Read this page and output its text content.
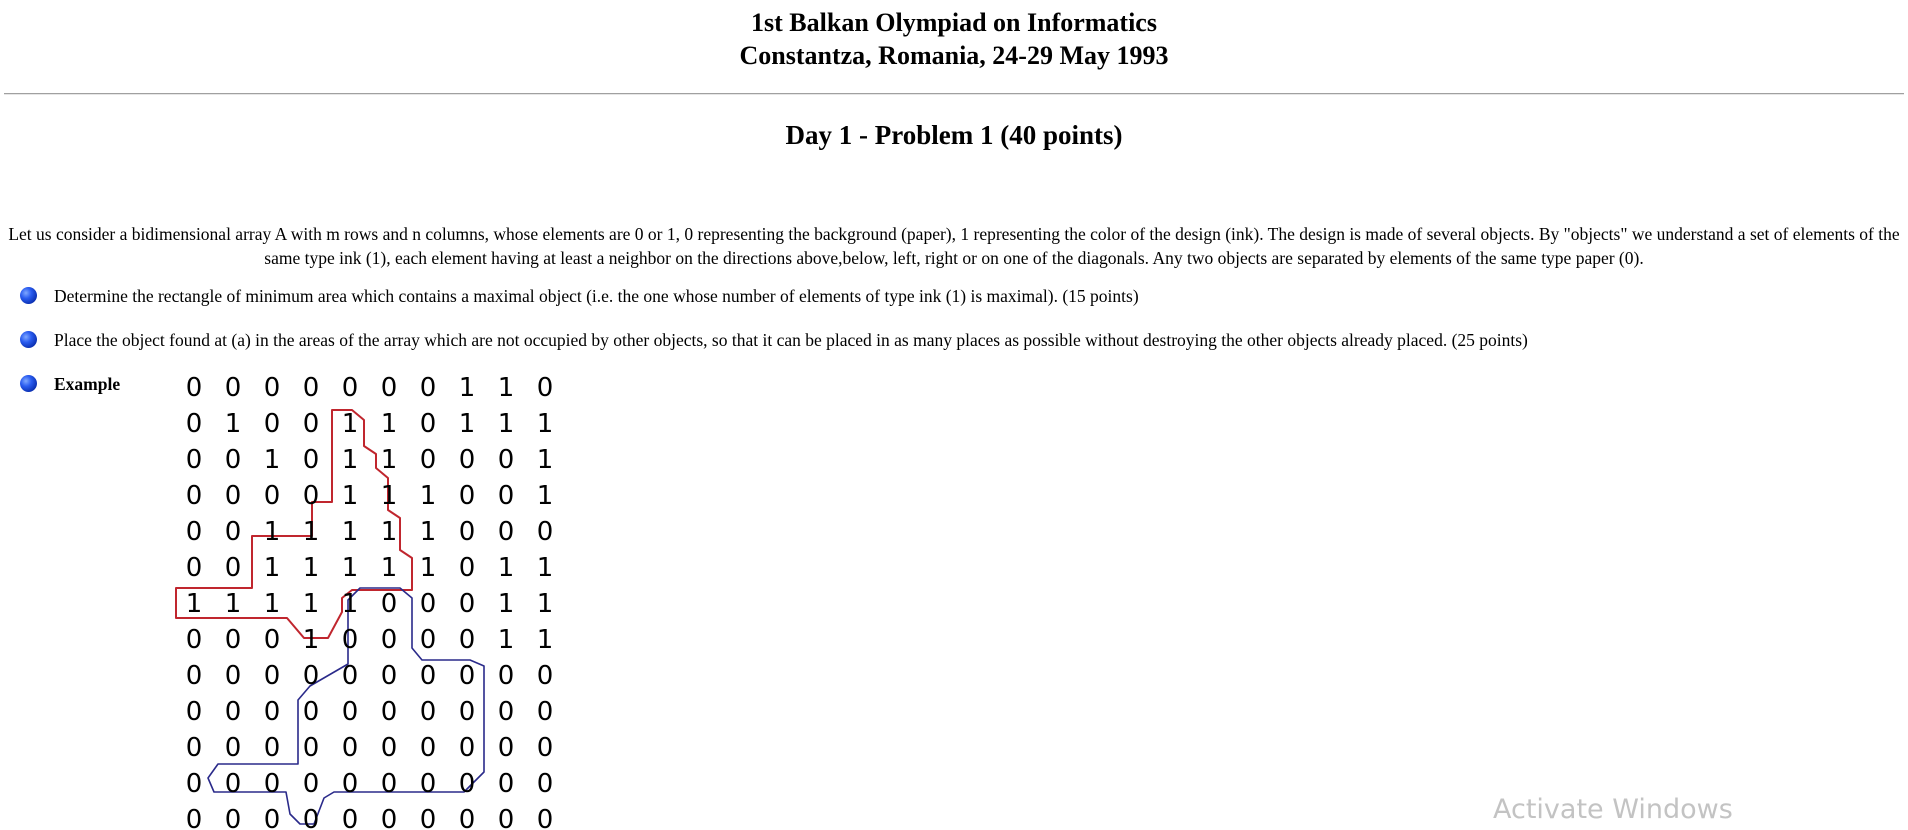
1st Balkan Olympiad on Informatics
Constantza, Romania, 24-29 May 1993
Day 1 - Problem 1 (40 points)
Let us consider a bidimensional array A with m rows and n columns, whose elements are 0 or 1, 0 representing the background (paper), 1 representing the color of the design (ink). The design is made of several objects. By "objects" we understand a set of elements of the same type ink (1), each element having at least a neighbor on the directions above,below, left, right or on one of the diagonals. Any two objects are separated by elements of the same type paper (0).
Determine the rectangle of minimum area which contains a maximal object (i.e. the one whose number of elements of type ink (1) is maximal). (15 points)
Place the object found at (a) in the areas of the array which are not occupied by other objects, so that it can be placed in as many places as possible without destroying the other objects already placed. (25 points)
Example	0 0 0 0 0 0 0 1 1 0
0 1 0 0 1 1 0 1 1 1
0 0 1 0 1 1 0 0 0 1
0 0 0 0 1 1 1 0 0 1
0 0 1 1 1 1 1 0 0 0
0 0 1 1 1 1 1 0 1 1
1 1 1 1 1 0 0 0 1 1
0 0 0 1 0 0 0 0 1 1
0 0 0 0 0 0 0 0 0 0
0 0 0 0 0 0 0 0 0 0
0 0 0 0 0 0 0 0 0 0
0 0 0 0 0 0 0 0 0 0
0 0 0 0 0 0 0 0 0 0	Activate Windows
